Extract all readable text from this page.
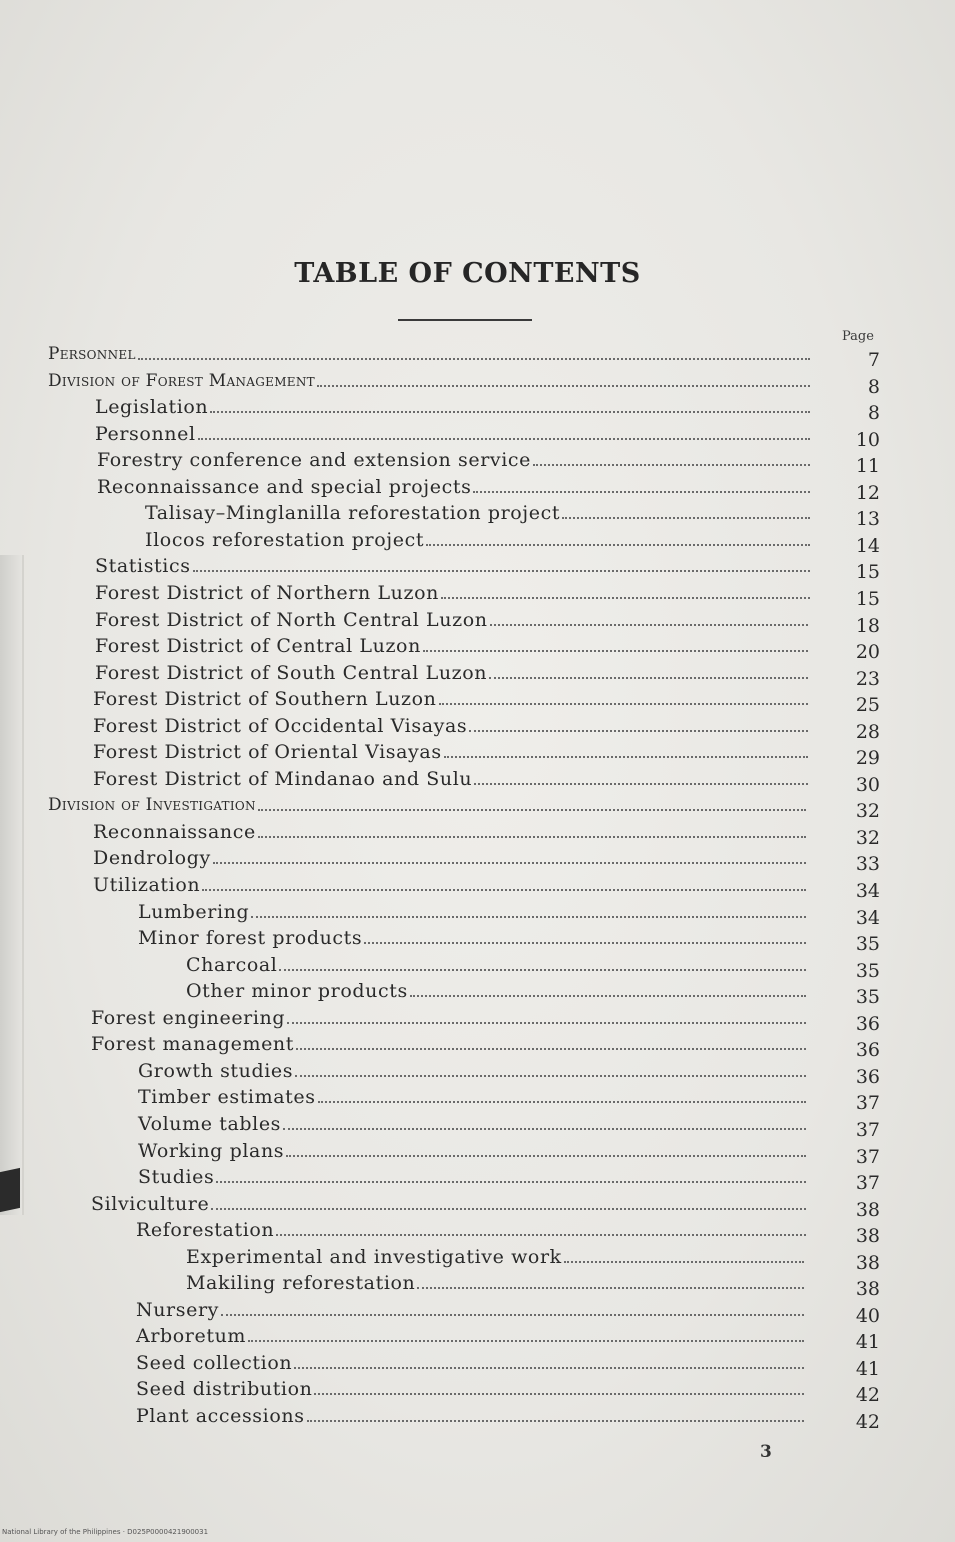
TABLE OF CONTENTS
Page
Personnel	7
Division of Forest Management	8
Legislation	8
Personnel	10
Forestry conference and extension service	11
Reconnaissance and special projects	12
Talisay–Minglanilla reforestation project	13
Ilocos reforestation project	14
Statistics	15
Forest District of Northern Luzon	15
Forest District of North Central Luzon	18
Forest District of Central Luzon	20
Forest District of South Central Luzon	23
Forest District of Southern Luzon	25
Forest District of Occidental Visayas	28
Forest District of Oriental Visayas	29
Forest District of Mindanao and Sulu	30
Division of Investigation	32
Reconnaissance	32
Dendrology	33
Utilization	34
Lumbering	34
Minor forest products	35
Charcoal	35
Other minor products	35
Forest engineering	36
Forest management	36
Growth studies	36
Timber estimates	37
Volume tables	37
Working plans	37
Studies	37
Silviculture	38
Reforestation	38
Experimental and investigative work	38
Makiling reforestation	38
Nursery	40
Arboretum	41
Seed collection	41
Seed distribution	42
Plant accessions	42
3
National Library of the Philippines · D025P0000421900031
